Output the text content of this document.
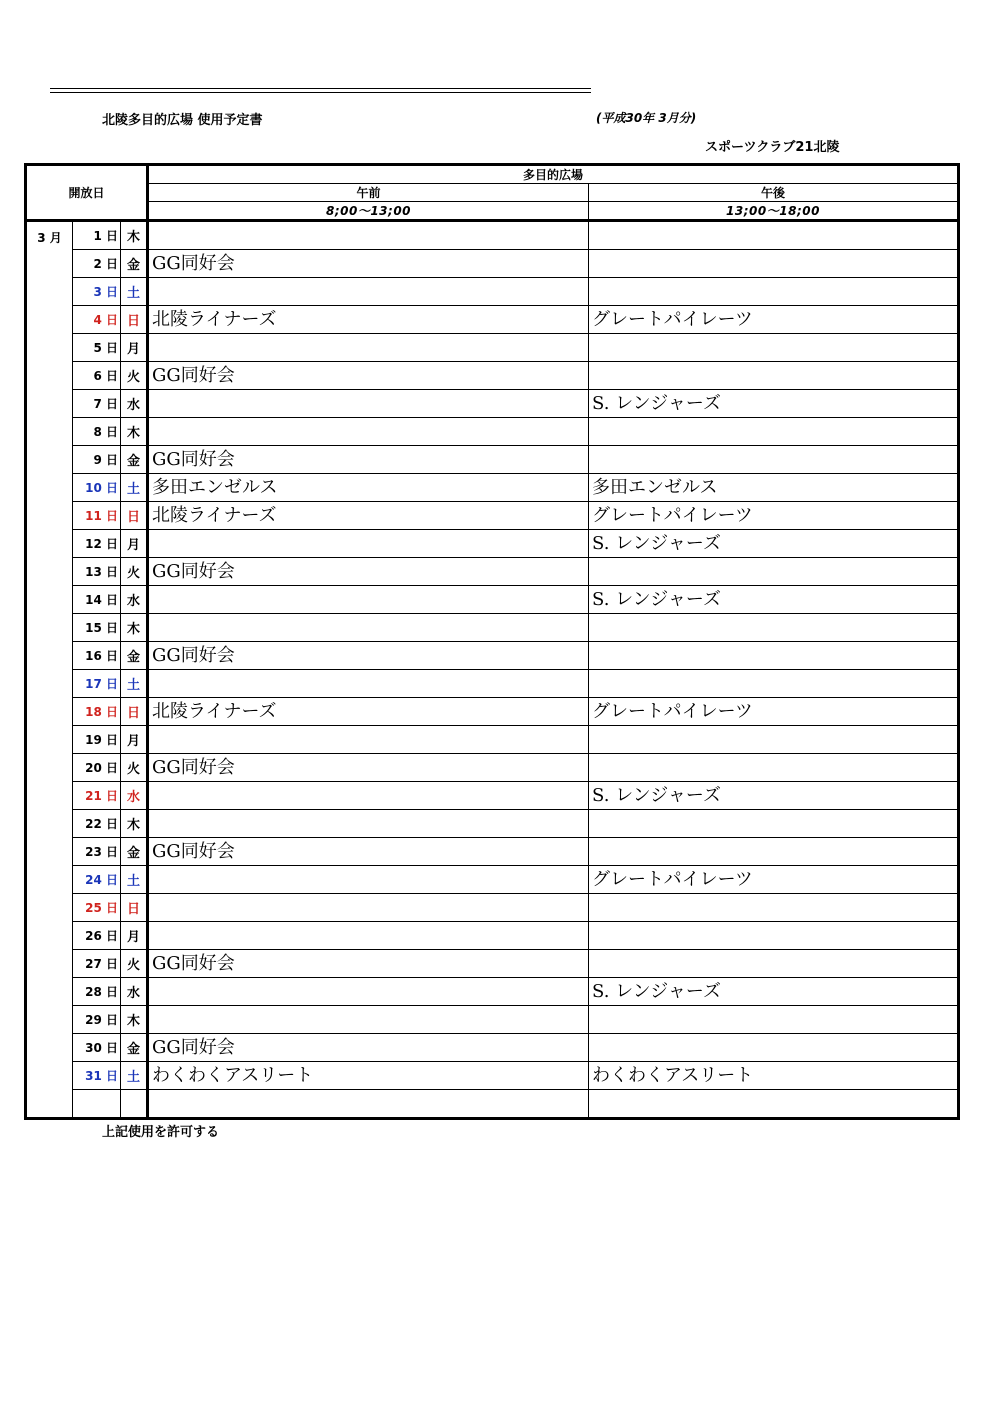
北陵多目的広場 使用予定書	(平成30年 3月分)
スポーツクラブ21北陵
開放日			多目的広場	
			午前	午後
			8;00〜13;00	13;00〜18;00
3 月	1 日	木		
	2 日	金	GG同好会	
	3 日	土		
	4 日	日	北陵ライナーズ	グレートパイレーツ
	5 日	月		
	6 日	火	GG同好会	
	7 日	水		S. レンジャーズ
	8 日	木		
	9 日	金	GG同好会	
	10 日	土	多田エンゼルス	多田エンゼルス
	11 日	日	北陵ライナーズ	グレートパイレーツ
	12 日	月		S. レンジャーズ
	13 日	火	GG同好会	
	14 日	水		S. レンジャーズ
	15 日	木		
	16 日	金	GG同好会	
	17 日	土		
	18 日	日	北陵ライナーズ	グレートパイレーツ
	19 日	月		
	20 日	火	GG同好会	
	21 日	水		S. レンジャーズ
	22 日	木		
	23 日	金	GG同好会	
	24 日	土		グレートパイレーツ
	25 日	日		
	26 日	月		
	27 日	火	GG同好会	
	28 日	水		S. レンジャーズ
	29 日	木		
	30 日	金	GG同好会	
	31 日	土	わくわくアスリート	わくわくアスリート

上記使用を許可する
